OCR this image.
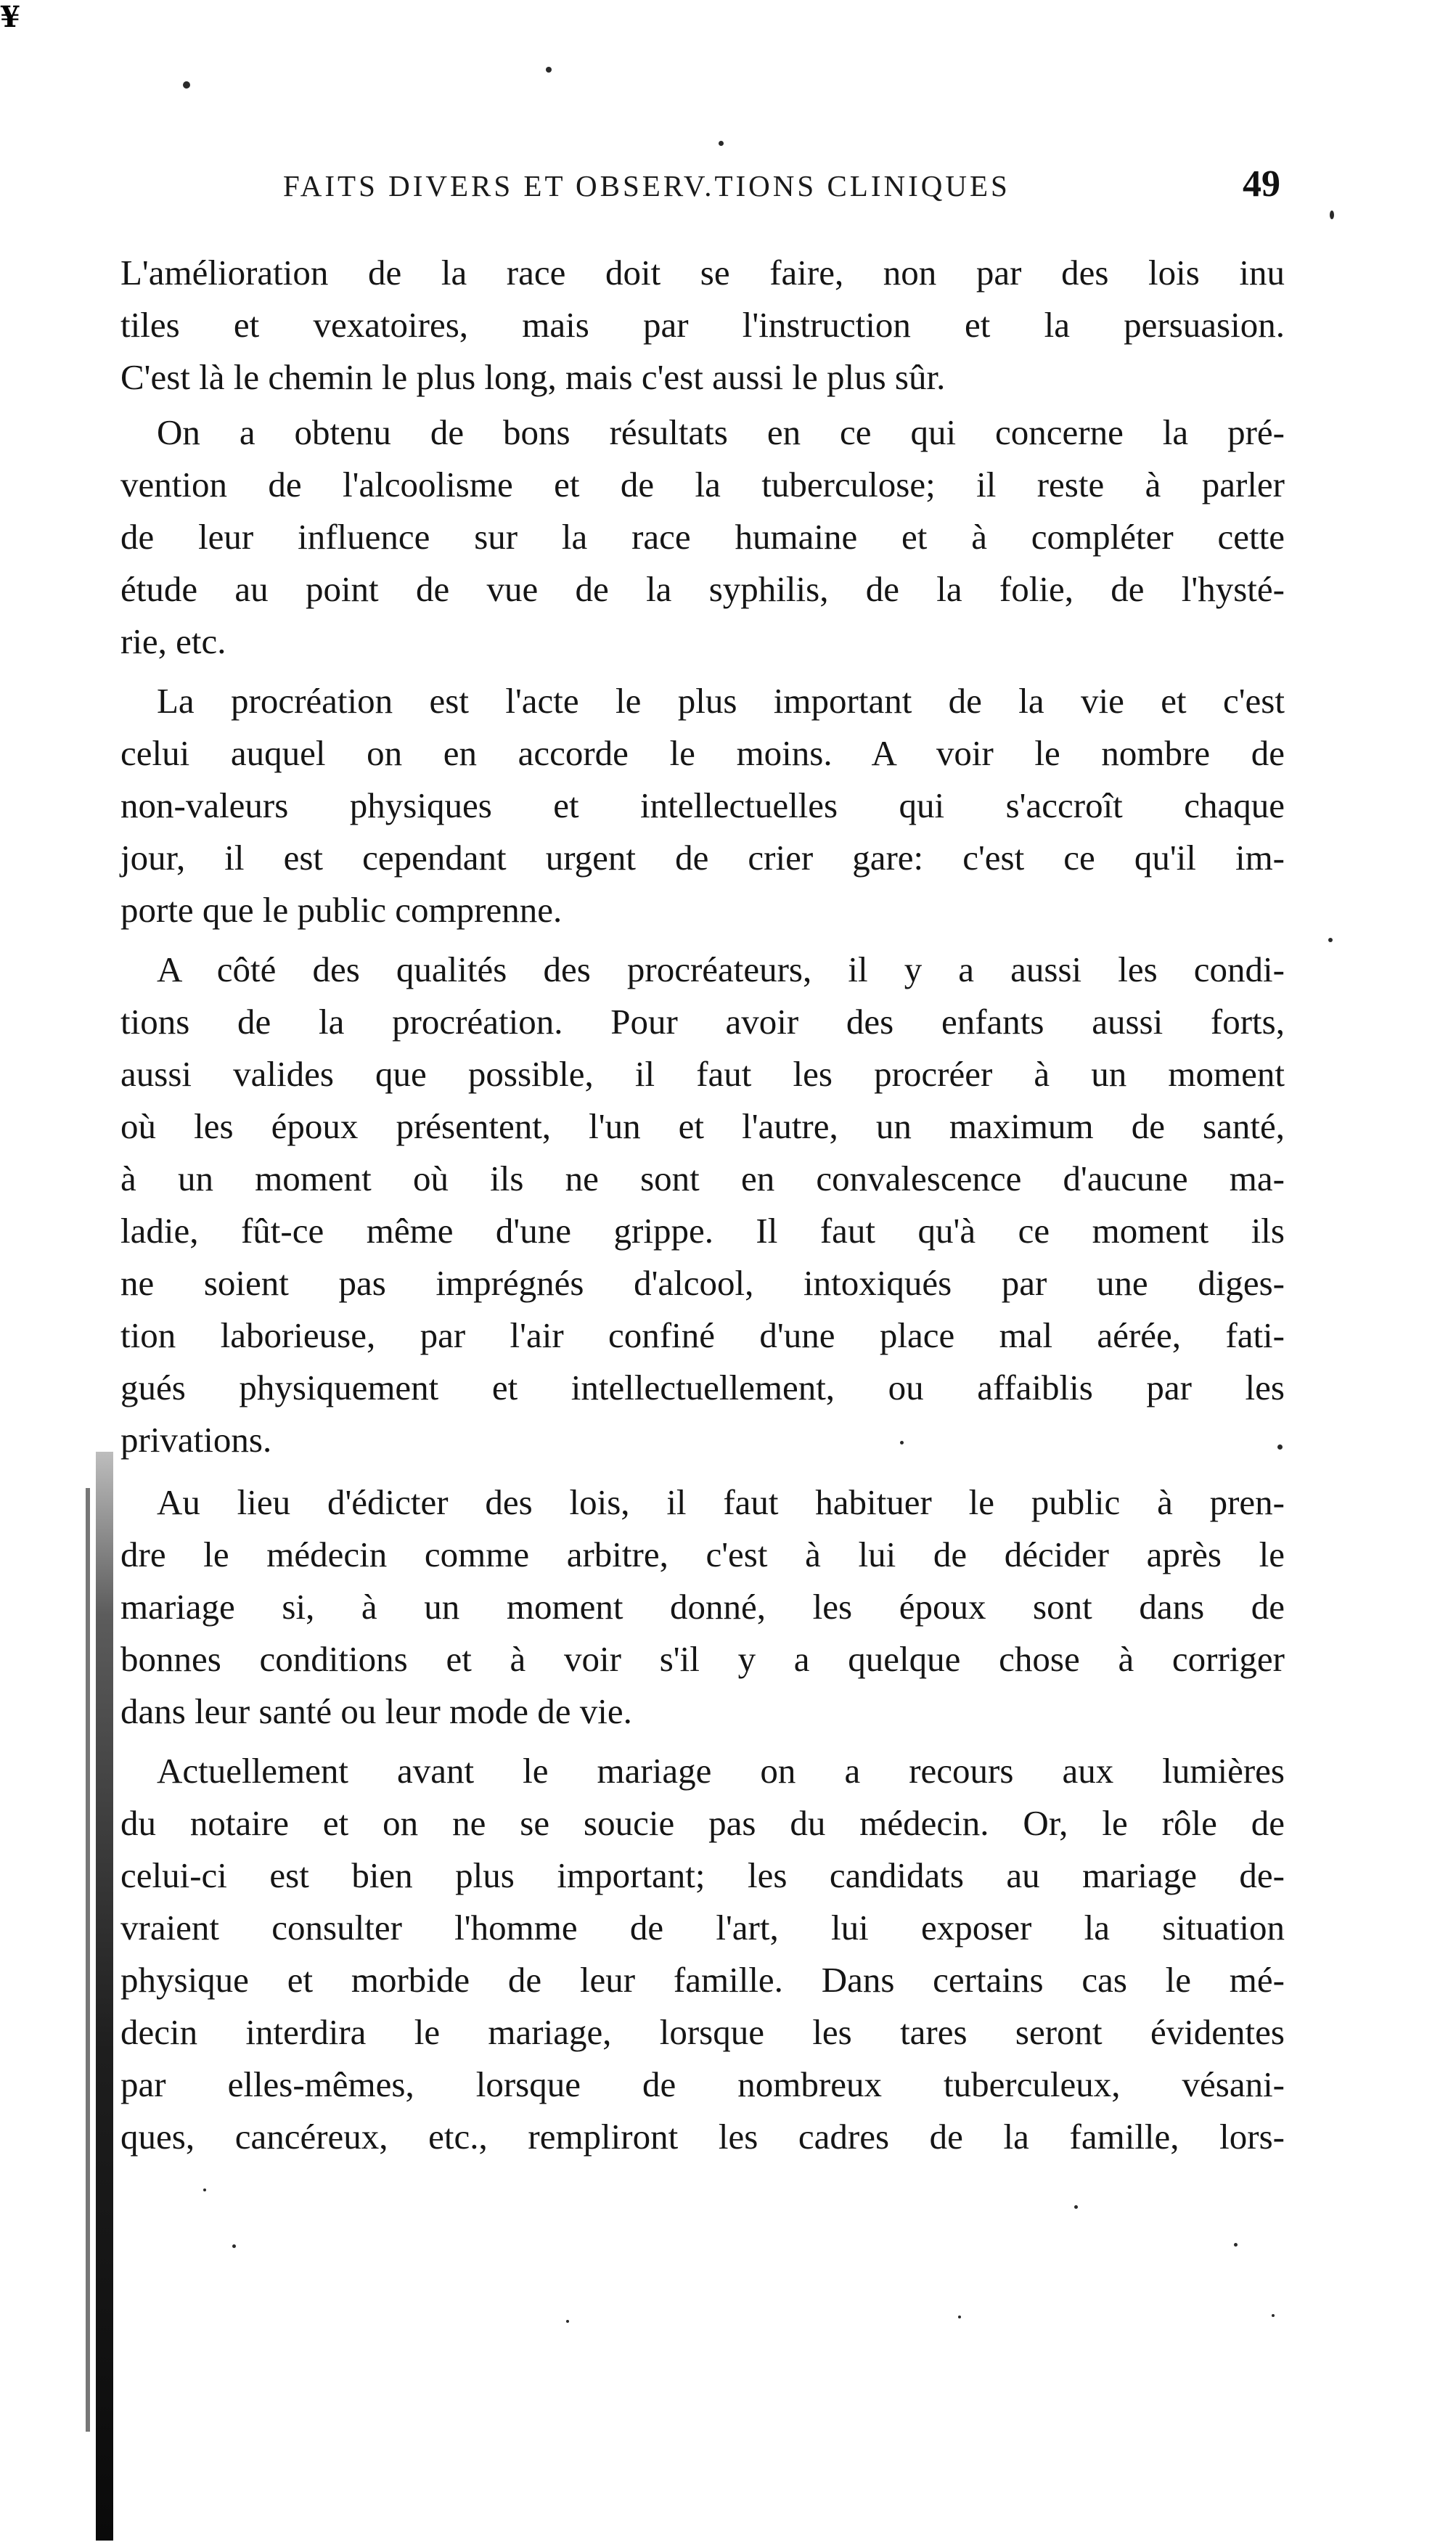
¥
FAITS DIVERS ET OBSERV.TIONS CLINIQUES	49
L'amélioration de la race doit se faire, non par des lois inu
tiles et vexatoires, mais par l'instruction et la persuasion.
C'est là le chemin le plus long, mais c'est aussi le plus sûr.
On a obtenu de bons résultats en ce qui concerne la pré-
vention de l'alcoolisme et de la tuberculose; il reste à parler
de leur influence sur la race humaine et à compléter cette
étude au point de vue de la syphilis, de la folie, de l'hysté-
rie, etc.
La procréation est l'acte le plus important de la vie et c'est
celui auquel on en accorde le moins. A voir le nombre de
non-valeurs physiques et intellectuelles qui s'accroît chaque
jour, il est cependant urgent de crier gare: c'est ce qu'il im-
porte que le public comprenne.
A côté des qualités des procréateurs, il y a aussi les condi-
tions de la procréation. Pour avoir des enfants aussi forts,
aussi valides que possible, il faut les procréer à un moment
où les époux présentent, l'un et l'autre, un maximum de santé,
à un moment où ils ne sont en convalescence d'aucune ma-
ladie, fût-ce même d'une grippe. Il faut qu'à ce moment ils
ne soient pas imprégnés d'alcool, intoxiqués par une diges-
tion laborieuse, par l'air confiné d'une place mal aérée, fati-
gués physiquement et intellectuellement, ou affaiblis par les
privations.
Au lieu d'édicter des lois, il faut habituer le public à pren-
dre le médecin comme arbitre, c'est à lui de décider après le
mariage si, à un moment donné, les époux sont dans de
bonnes conditions et à voir s'il y a quelque chose à corriger
dans leur santé ou leur mode de vie.
Actuellement avant le mariage on a recours aux lumières
du notaire et on ne se soucie pas du médecin. Or, le rôle de
celui-ci est bien plus important; les candidats au mariage de-
vraient consulter l'homme de l'art, lui exposer la situation
physique et morbide de leur famille. Dans certains cas le mé-
decin interdira le mariage, lorsque les tares seront évidentes
par elles-mêmes, lorsque de nombreux tuberculeux, vésani-
ques, cancéreux, etc., rempliront les cadres de la famille, lors-
